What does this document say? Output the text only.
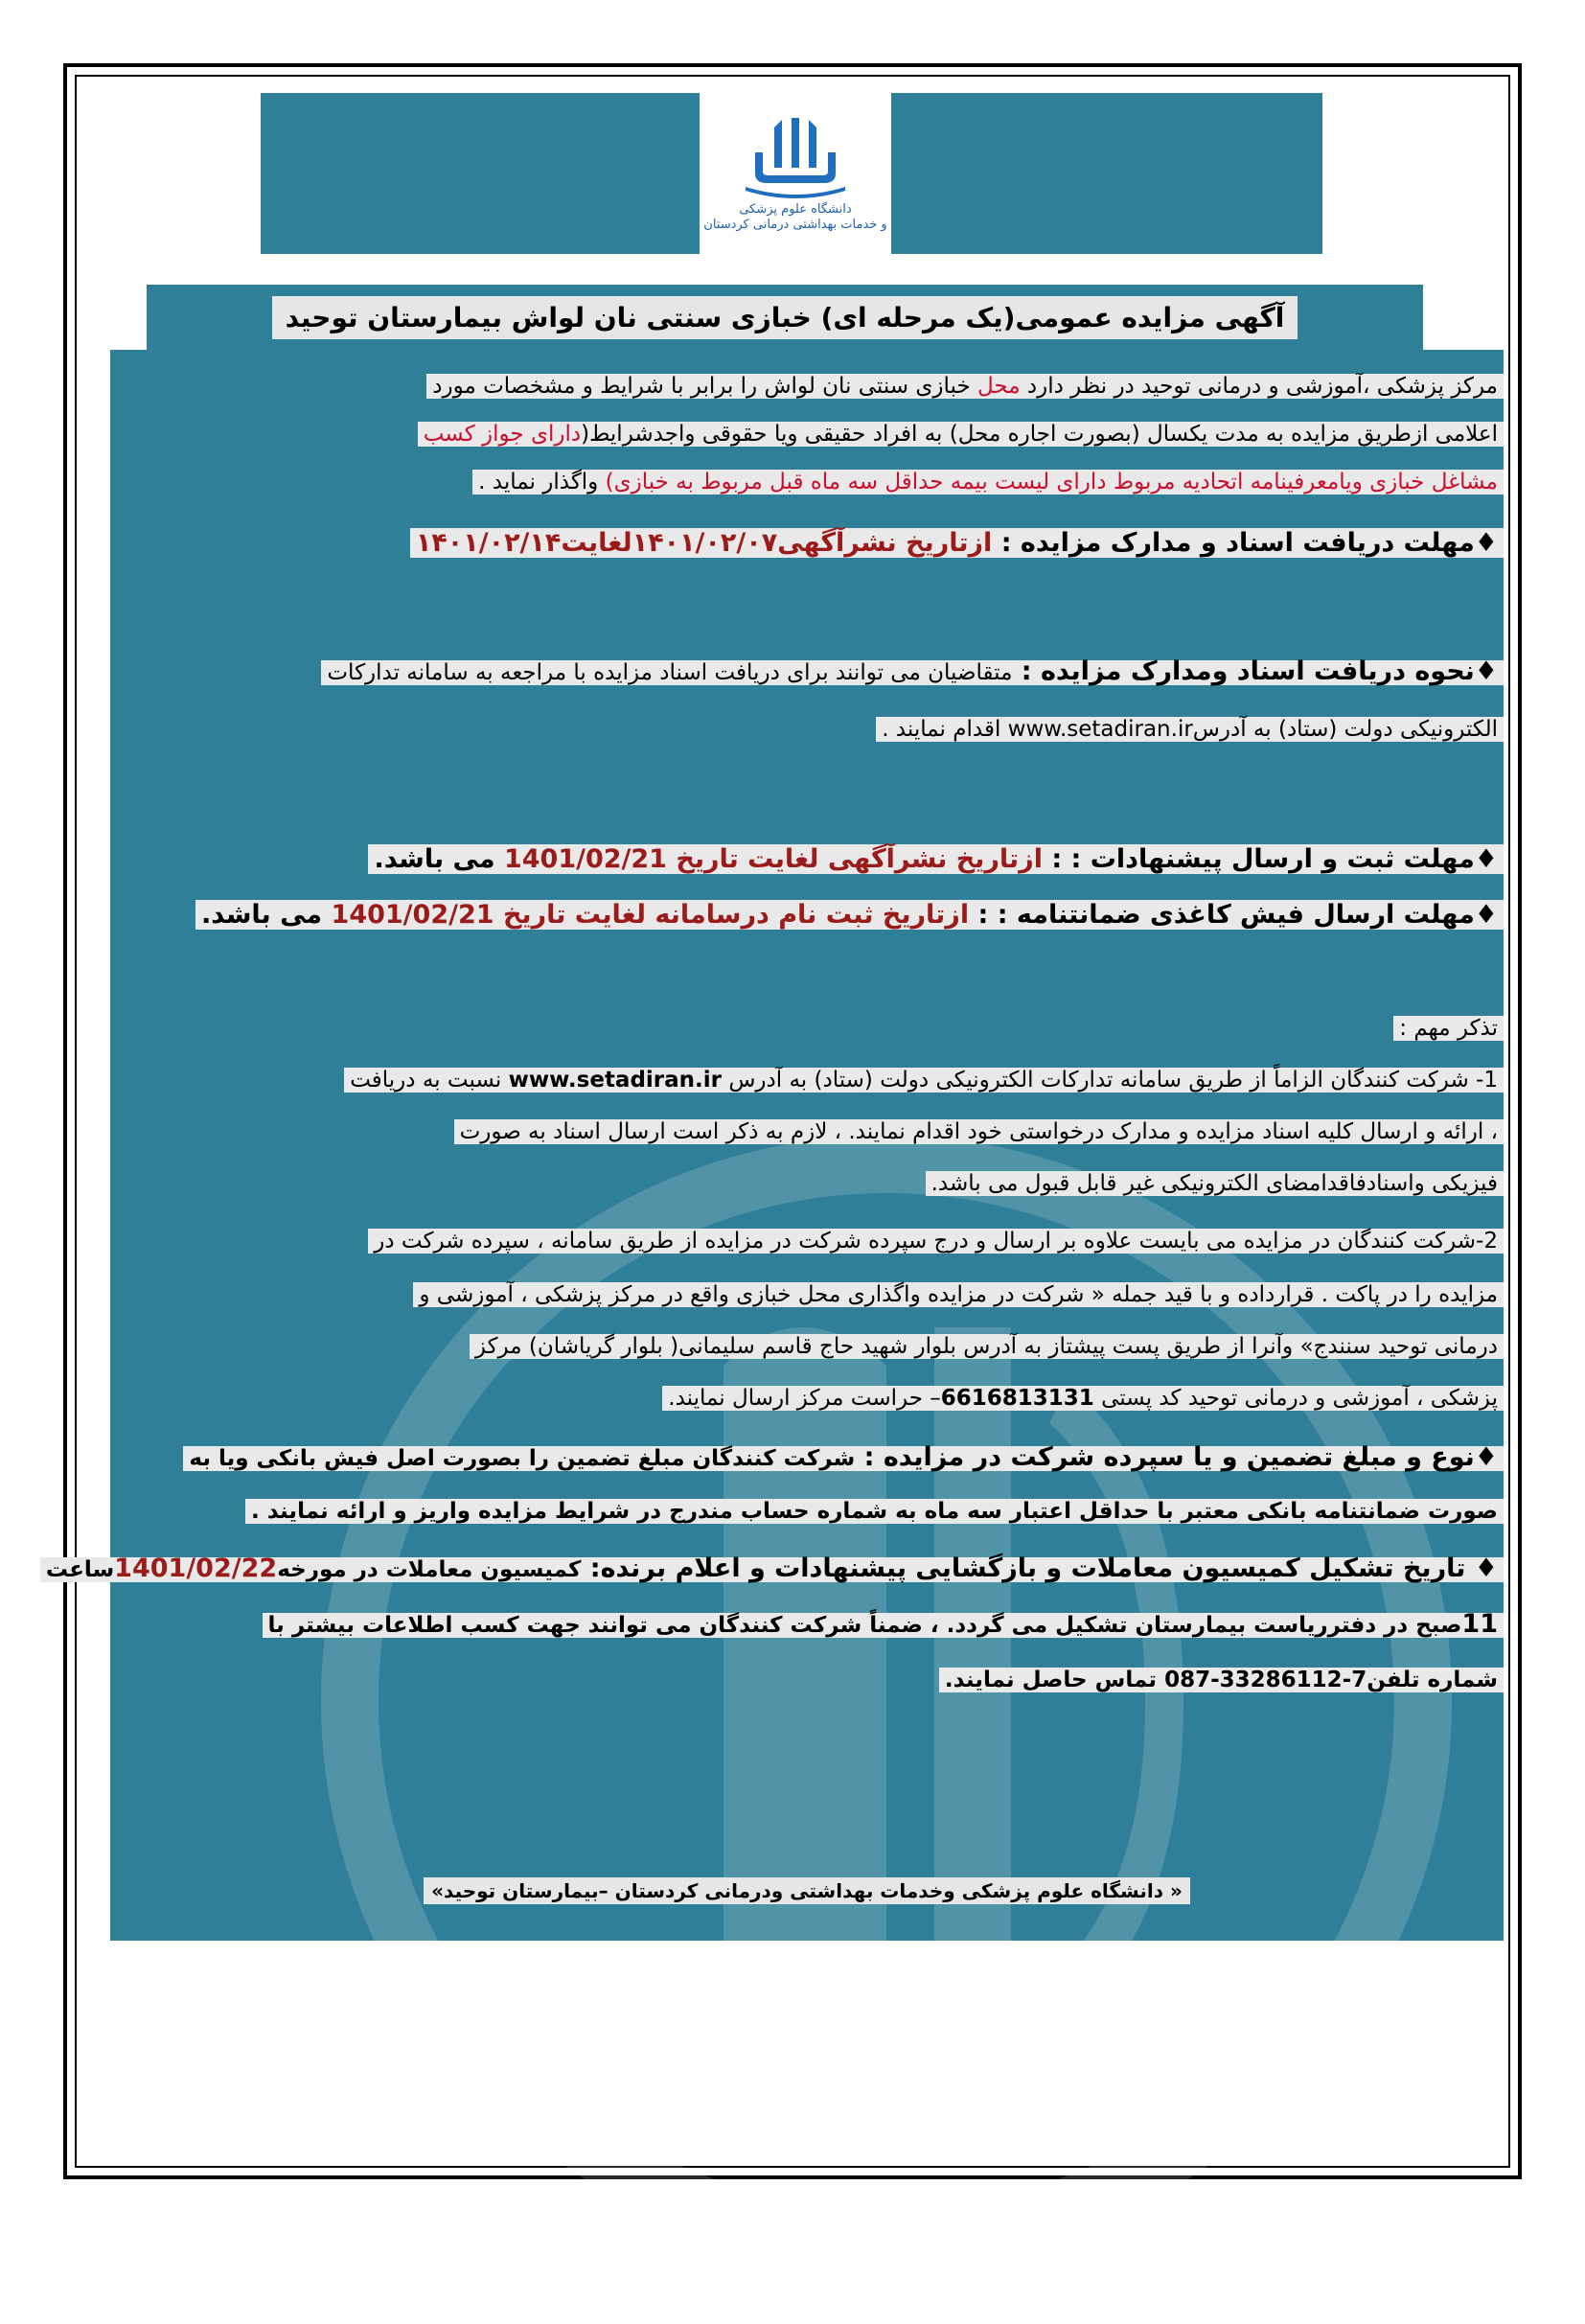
دانشگاه علوم پزشکی
و خدمات بهداشتی درمانی کردستان
آگهی مزایده عمومی(یک مرحله ای) خبازی سنتی نان لواش بیمارستان توحید
مرکز پزشکی ،آموزشی و درمانی توحید در نظر دارد محل خبازی سنتی نان لواش را برابر با شرایط و مشخصات مورد
اعلامی ازطریق مزایده به مدت یکسال (بصورت اجاره محل) به افراد حقیقی ویا حقوقی واجدشرایط(دارای جواز کسب
مشاغل خبازی ویامعرفینامه اتحادیه مربوط دارای لیست بیمه حداقل سه ماه قبل مربوط به خبازی) واگذار نماید .
♦مهلت دریافت اسناد و مدارک مزایده : ازتاریخ نشرآگهی۱۴۰۱/۰۲/۰۷لغایت۱۴۰۱/۰۲/۱۴
♦نحوه دریافت اسناد ومدارک مزایده : متقاضیان می توانند برای دریافت اسناد مزایده با مراجعه به سامانه تدارکات
الکترونیکی دولت (ستاد) به آدرسwww.setadiran.ir اقدام نمایند .
♦مهلت ثبت و ارسال پیشنهادات : : ازتاریخ نشرآگهی لغایت تاریخ 1401/02/21 می باشد.
♦مهلت ارسال فیش کاغذی ضمانتنامه : : ازتاریخ ثبت نام درسامانه لغایت تاریخ 1401/02/21 می باشد.
تذکر مهم :
1- شرکت کنندگان الزاماً از طریق سامانه تدارکات الکترونیکی دولت (ستاد) به آدرس www.setadiran.ir نسبت به دریافت
، ارائه و ارسال کلیه اسناد مزایده و مدارک درخواستی خود اقدام نمایند. ، لازم به ذکر است ارسال اسناد به صورت
فیزیکی واسنادفاقدامضای الکترونیکی غیر قابل قبول می باشد.
2-شرکت کنندگان در مزایده می بایست علاوه بر ارسال و درج سپرده شرکت در مزایده از طریق سامانه ، سپرده شرکت در
مزایده را در پاکت . قرارداده و با قید جمله « شرکت در مزایده واگذاری محل خبازی واقع در مرکز پزشکی ، آموزشی و
درمانی توحید سنندج» وآنرا از طریق پست پیشتاز به آدرس بلوار شهید حاج قاسم سلیمانی( بلوار گریاشان) مرکز
پزشکی ، آموزشی و درمانی توحید کد پستی 6616813131– حراست مرکز ارسال نمایند.
♦نوع و مبلغ تضمین و یا سپرده شرکت در مزایده : شرکت کنندگان مبلغ تضمین را بصورت اصل فیش بانکی ویا به
صورت ضمانتنامه بانکی معتبر با حداقل اعتبار سه ماه به شماره حساب مندرج در شرایط مزایده واریز و ارائه نمایند .
♦ تاریخ تشکیل کمیسیون معاملات و بازگشایی پیشنهادات و اعلام برنده: کمیسیون معاملات در مورخه1401/02/22ساعت
11صبح در دفترریاست بیمارستان تشکیل می گردد. ، ضمناً شرکت کنندگان می توانند جهت کسب اطلاعات بیشتر با
شماره تلفن7-33286112-087 تماس حاصل نمایند.
« دانشگاه علوم پزشکی وخدمات بهداشتی ودرمانی کردستان –بیمارستان توحید»
